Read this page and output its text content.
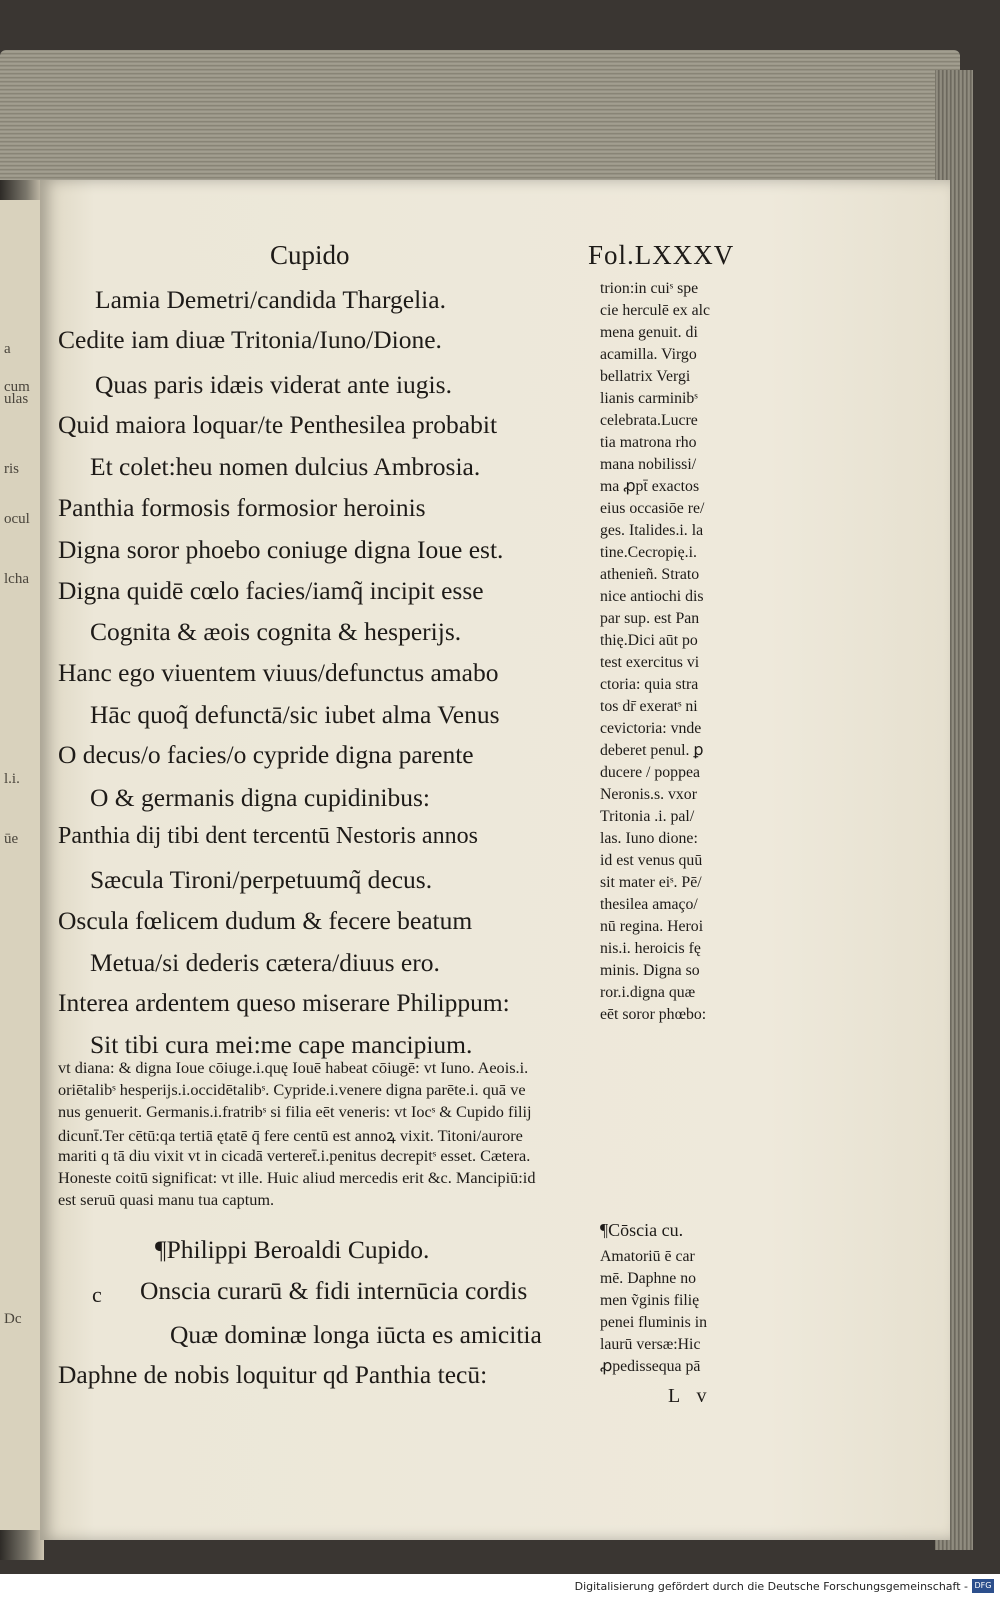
a cum
ulas
ris
ocul
lcha
l.i.
ūe
Dc
Cupido	Fol.LXXXV
Lamia Demetri/candida Thargelia.
Cedite iam diuæ Tritonia/Iuno/Dione.
Quas paris idæis viderat ante iugis.
Quid maiora loquar/te Penthesilea probabit
Et colet:heu nomen dulcius Ambrosia.
Panthia formosis formosior heroinis
Digna soror phoebo coniuge digna Ioue est.
Digna quidē cœlo facies/iamq̃ incipit esse
Cognita & æois cognita & hesperijs.
Hanc ego viuentem viuus/defunctus amabo
Hāc quoq̃ defunctā/sic iubet alma Venus
O decus/o facies/o cypride digna parente
O & germanis digna cupidinibus:
Panthia dij tibi dent tercentū Nestoris annos
Sæcula Tironi/perpetuumq̃ decus.
Oscula fœlicem dudum & fecere beatum
Metua/si dederis cætera/diuus ero.
Interea ardentem queso miserare Philippum:
Sit tibi cura mei:me cape mancipium.
trion:in cuiˢ spe
cie herculē ex alc
mena genuit. di
acamilla. Virgo
bellatrix Vergi
lianis carminibˢ
celebrata.Lucre
tia matrona rho
mana nobilissi/
ma ꝓpt̄ exactos
eius occasiōe re/
ges. Italides.i. la
tine.Cecropię.i.
athenieñ. Strato
nice antiochi dis
par sup. est Pan
thię.Dici aūt po
test exercitus vi
ctoria: quia stra
tos dr̄ exeratˢ ni
cevictoria: vnde
deberet penul. ꝑ
ducere / poppea
Neronis.s. vxor
Tritonia .i. pal/
las. Iuno dione:
id est venus quū
sit mater eiˢ. Pē/
thesilea amaço/
nū regina. Heroi
nis.i. heroicis fę
minis. Digna so
ror.i.digna quæ
eēt soror phœbo:
vt diana: & digna Ioue cōiuge.i.quę Iouē habeat cōiugē: vt Iuno. Aeois.i.
oriētalibˢ hesperijs.i.occidētalibˢ. Cypride.i.venere digna parēte.i. quā ve
nus genuerit. Germanis.i.fratribˢ si filia eēt veneris: vt Iocˢ & Cupido filij
dicunt̄.Ter cētū:qa tertiā ętatē q̄ fere centū est annoꝝ vixit. Titoni/aurore
mariti q tā diu vixit vt in cicadā verteret̄.i.penitus decrepitˢ esset. Cætera.
Honeste coitū significat: vt ille. Huic aliud mercedis erit &c. Mancipiū:id
est seruū quasi manu tua captum.
¶Philippi Beroaldi Cupido.
c Onscia curarū & fidi internūcia cordis
Quæ dominæ longa iūcta es amicitia
Daphne de nobis loquitur qd Panthia tecū:
¶Cōscia cu.
Amatoriū ē car
mē. Daphne no
men ṽginis filię
penei fluminis in
laurū versæ:Hic
ꝓpedissequa pā
L v
Digitalisierung gefördert durch die Deutsche Forschungsgemeinschaft - DFG
